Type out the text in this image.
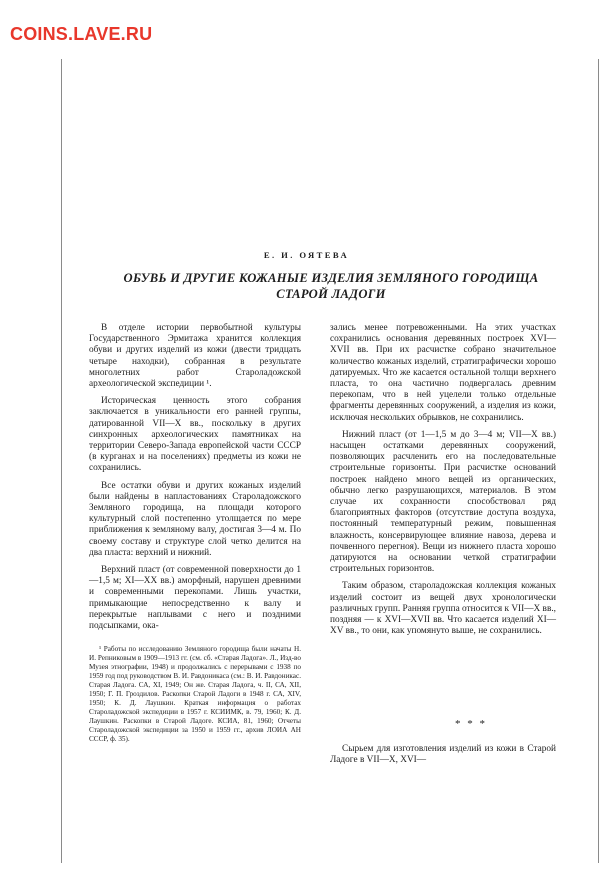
COINS.LAVE.RU
Е. И. ОЯТЕВА
ОБУВЬ И ДРУГИЕ КОЖАНЫЕ ИЗДЕЛИЯ ЗЕМЛЯНОГО ГОРОДИЩА СТАРОЙ ЛАДОГИ

В отделе истории первобытной культуры Государственного Эрмитажа хранится коллекция обуви и других изделий из кожи (двести тридцать четыре находки), собранная в результате многолетних работ Староладожской археологической экспедиции ¹.

Историческая ценность этого собрания заключается в уникальности его ранней группы, датированной VII—X вв., поскольку в других синхронных археологических памятниках на территории Северо-Запада европейской части СССР (в курганах и на поселениях) предметы из кожи не сохранились.

Все остатки обуви и других кожаных изделий были найдены в напластованиях Староладожского Земляного городища, на площади которого культурный слой постепенно утолщается по мере приближения к земляному валу, достигая 3—4 м. По своему составу и структуре слой четко делится на два пласта: верхний и нижний.

Верхний пласт (от современной поверхности до 1—1,5 м; XI—XX вв.) аморфный, нарушен древними и современными перекопами. Лишь участки, примыкающие непосредственно к валу и перекрытые наплывами с него и поздними подсыпками, ока-

¹ Работы по исследованию Земляного городища были начаты Н. И. Репниковым в 1909—1913 гг. (см. сб. «Старая Ладога». Л., Изд-во Музея этнографии, 1948) и продолжались с перерывами с 1938 по 1959 год под руководством В. И. Равдоникаса (см.: В. И. Равдоникас. Старая Ладога. СА, XI, 1949; Он же. Старая Ладога, ч. II, СА, XII, 1950; Г. П. Гроздилов. Раскопки Старой Ладоги в 1948 г. СА, XIV, 1950; К. Д. Лаушкин. Краткая информация о работах Староладожской экспедиции в 1957 г. КСИИМК, в. 79, 1960; К. Д. Лаушкин. Раскопки в Старой Ладоге. КСИА, 81, 1960; Отчеты Староладожской экспедиции за 1950 и 1959 гг., архив ЛОИА АН СССР, ф. 35).

зались менее потревоженными. На этих участках сохранились основания деревянных построек XVI—XVII вв. При их расчистке собрано значительное количество кожаных изделий, стратиграфически хорошо датируемых. Что же касается остальной толщи верхнего пласта, то она частично подвергалась древним перекопам, что в ней уцелели только отдельные фрагменты деревянных сооружений, а изделия из кожи, исключая нескольких обрывков, не сохранились.

Нижний пласт (от 1—1,5 м до 3—4 м; VII—X вв.) насыщен остатками деревянных сооружений, позволяющих расчленить его на последовательные строительные горизонты. При расчистке оснований построек найдено много вещей из органических, обычно легко разрушающихся, материалов. В этом случае их сохранности способствовал ряд благоприятных факторов (отсутствие доступа воздуха, постоянный температурный режим, повышенная влажность, консервирующее влияние навоза, дерева и почвенного перегноя). Вещи из нижнего пласта хорошо датируются на основании четкой стратиграфии строительных горизонтов.

Таким образом, староладожская коллекция кожаных изделий состоит из вещей двух хронологически различных групп. Ранняя группа относится к VII—X вв., поздняя — к XVI—XVII вв. Что касается изделий XI—XV вв., то они, как упомянуто выше, не сохранились.

* * *

Сырьем для изготовления изделий из кожи в Старой Ладоге в VII—X, XVI—
